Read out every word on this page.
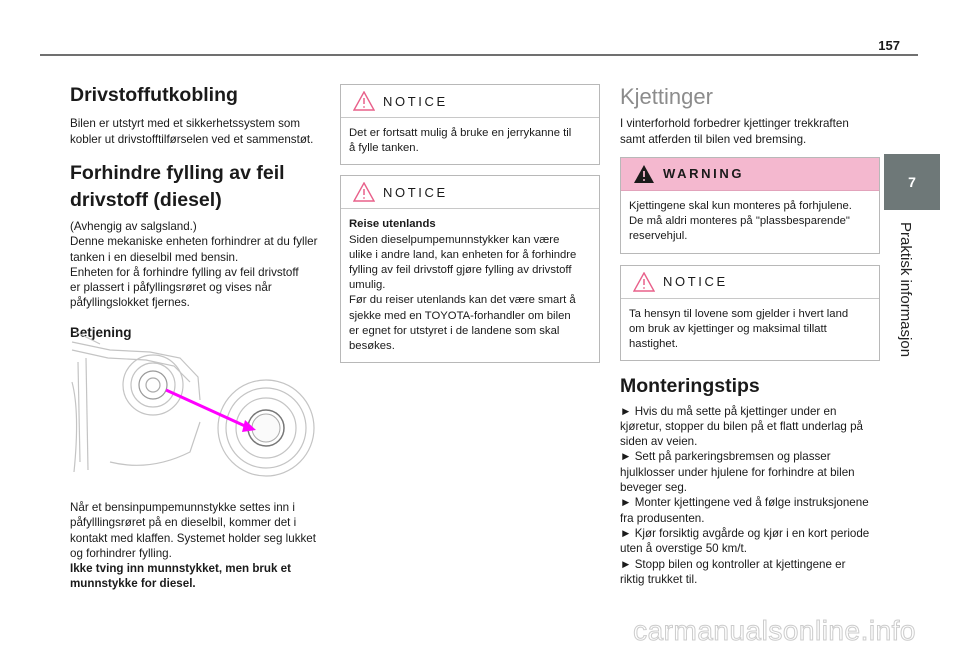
157
7
Praktisk informasjon
Drivstoffutkobling

Bilen er utstyrt med et sikkerhetssystem som

kobler ut drivstofftilførselen ved et sammenstøt.

Forhindre fylling av feil
drivstoff (diesel)

(Avhengig av salgsland.)

Denne mekaniske enheten forhindrer at du fyller

tanken i en dieselbil med bensin.

Enheten for å forhindre fylling av feil drivstoff

er plassert i påfyllingsrøret og vises når

påfyllingslokket fjernes.

Betjening

Når et bensinpumpemunnstykke settes inn i

påfylllingsrøret på en dieselbil, kommer det i

kontakt med klaffen. Systemet holder seg lukket

og forhindrer fylling.

Ikke tving inn munnstykket, men bruk et

munnstykke for diesel.

NOTICE

Det er fortsatt mulig å bruke en jerrykanne til

å fylle tanken.

NOTICE

Reise utenlands

Siden dieselpumpemunnstykker kan være

ulike i andre land, kan enheten for å forhindre

fylling av feil drivstoff gjøre fylling av drivstoff

umulig.

Før du reiser utenlands kan det være smart å

sjekke med en TOYOTA-forhandler om bilen

er egnet for utstyret i de landene som skal

besøkes.

Kjettinger

I vinterforhold forbedrer kjettinger trekkraften

samt atferden til bilen ved bremsing.

WARNING

Kjettingene skal kun monteres på forhjulene.

De må aldri monteres på "plassbesparende"

reservehjul.

NOTICE

Ta hensyn til lovene som gjelder i hvert land

om bruk av kjettinger og maksimal tillatt

hastighet.

Monteringstips

► Hvis du må sette på kjettinger under en

kjøretur, stopper du bilen på et flatt underlag på

siden av veien.

► Sett på parkeringsbremsen og plasser

hjulklosser under hjulene for forhindre at bilen

beveger seg.

► Monter kjettingene ved å følge instruksjonene

fra produsenten.

► Kjør forsiktig avgårde og kjør i en kort periode

uten å overstige 50 km/t.

► Stopp bilen og kontroller at kjettingene er

riktig trukket til.

carmanualsonline.info
